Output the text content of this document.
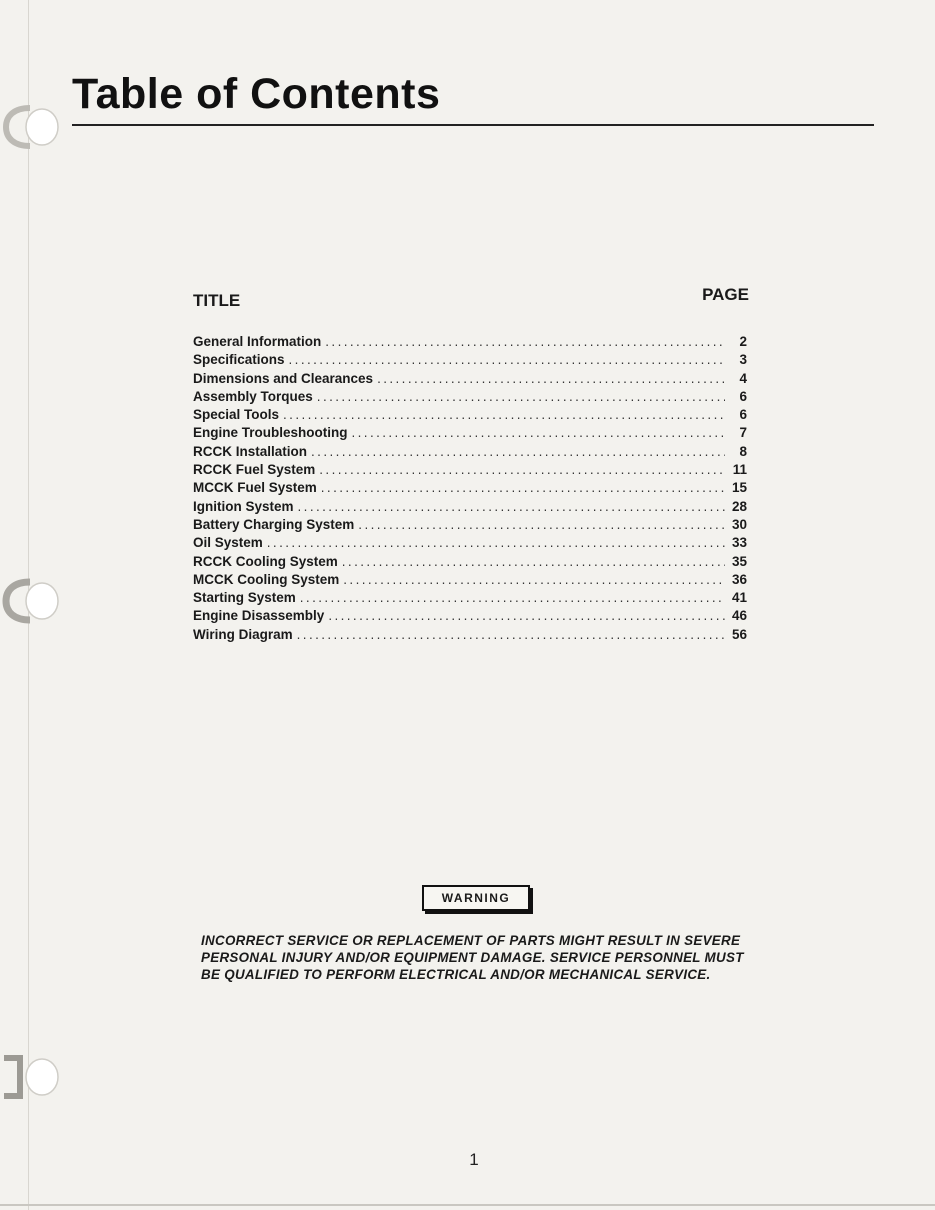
Table of Contents
TITLE	PAGE
General Information .....	2
Specifications .....	3
Dimensions and Clearances .....	4
Assembly Torques .....	6
Special Tools .....	6
Engine Troubleshooting .....	7
RCCK Installation .....	8
RCCK Fuel System .....	11
MCCK Fuel System .....	15
Ignition System .....	28
Battery Charging System .....	30
Oil System .....	33
RCCK Cooling System .....	35
MCCK Cooling System .....	36
Starting System .....	41
Engine Disassembly .....	46
Wiring Diagram .....	56
WARNING

INCORRECT SERVICE OR REPLACEMENT OF PARTS MIGHT RESULT IN SEVERE PERSONAL INJURY AND/OR EQUIPMENT DAMAGE. SERVICE PERSONNEL MUST BE QUALIFIED TO PERFORM ELECTRICAL AND/OR MECHANICAL SERVICE.

1
